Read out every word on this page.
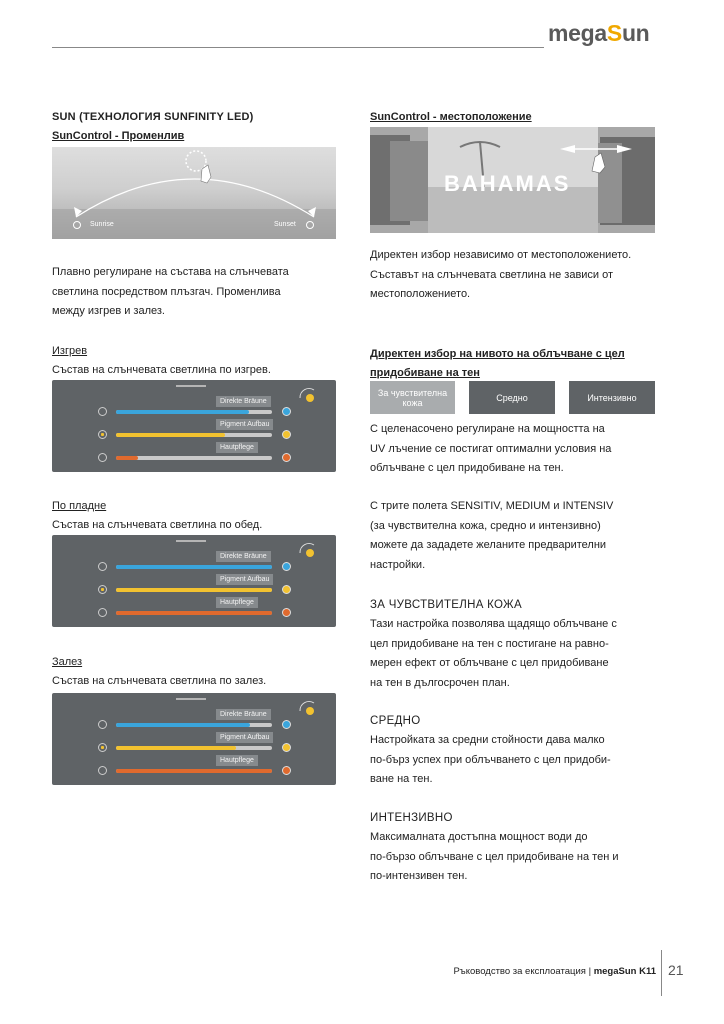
megaSun
SUN (ТЕХНОЛОГИЯ SUNFINITY LED)
SunControl - Променлив
Sunrise	Sunset
Плавно регулиране на състава на слънчевата
светлина посредством плъзгач. Променлива
между изгрев и залез.
Изгрев
Състав на слънчевата светлина по изгрев.
Direkte Bräune
Pigment Aufbau
Hautpflege
По пладне
Състав на слънчевата светлина по обед.
Direkte Bräune
Pigment Aufbau
Hautpflege
Залез
Състав на слънчевата светлина по залез.
Direkte Bräune
Pigment Aufbau
Hautpflege
SunControl - местоположение
BAHAMAS
Директен избор независимо от местоположението.
Съставът на слънчевата светлина не зависи от
местоположението.
Директен избор на нивото на облъчване с цел
придобиване на тен
За чувствителна кожа	Средно	Интензивно
С целенасочено регулиране на мощността на
UV лъчение се постигат оптимални условия на
облъчване с цел придобиване на тен.
С трите полета SENSITIV, MEDIUM и INTENSIV
(за чувствителна кожа, средно и интензивно)
можете да зададете желаните предварителни
настройки.
ЗА ЧУВСТВИТЕЛНА КОЖА
Тази настройка позволява щадящо облъчване с
цел придобиване на тен с постигане на равно-
мерен ефект от облъчване с цел придобиване
на тен в дългосрочен план.
СРЕДНО
Настройката за средни стойности дава малко
по-бърз успех при облъчването с цел придоби-
ване на тен.
ИНТЕНЗИВНО
Максималната достъпна мощност води до
по-бързо облъчване с цел придобиване на тен и
по-интензивен тен.
Ръководство за експлоатация | megaSun K11 21
